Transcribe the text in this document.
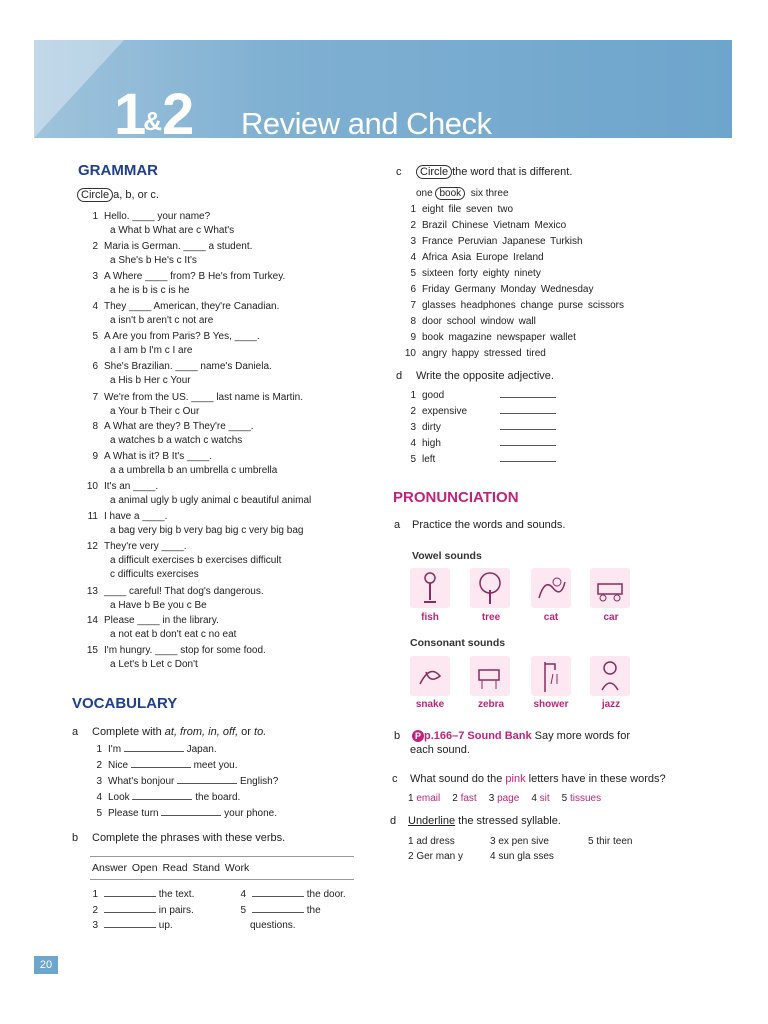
1&2 Review and Check
GRAMMAR
Circle a, b, or c.
1 Hello. ____ your name?
a What b What are c What's
2 Maria is German. ____ a student.
a She's b He's c It's
3 A Where ____ from? B He's from Turkey.
a he is b is c is he
4 They ____ American, they're Canadian.
a isn't b aren't c not are
5 A Are you from Paris? B Yes, ____.
a I am b I'm c I are
6 She's Brazilian. ____ name's Daniela.
a His b Her c Your
7 We're from the US. ____ last name is Martin.
a Your b Their c Our
8 A What are they? B They're ____.
a watches b a watch c watchs
9 A What is it? B It's ____.
a a umbrella b an umbrella c umbrella
10 It's an ____.
a animal ugly b ugly animal c beautiful animal
11 I have a ____.
a bag very big b very bag big c very big bag
12 They're very ____.
a difficult exercises b exercises difficult
c difficults exercises
13 ____ careful! That dog's dangerous.
a Have b Be you c Be
14 Please ____ in the library.
a not eat b don't eat c no eat
15 I'm hungry. ____ stop for some food.
a Let's b Let c Don't
VOCABULARY
a Complete with at, from, in, off, or to.
1 I'm	Japan.
2 Nice	meet you.
3 What's bonjour	English?
4 Look	the board.
5 Please turn	your phone.
b Complete the phrases with these verbs.
Answer Open Read Stand Work
1	the text.
2	in pairs.
3	up.
4	the door.
5	the
questions.
c Circle the word that is different.
one book six three
1 eight file seven two
2 Brazil Chinese Vietnam Mexico
3 France Peruvian Japanese Turkish
4 Africa Asia Europe Ireland
5 sixteen forty eighty ninety
6 Friday Germany Monday Wednesday
7 glasses headphones change purse scissors
8 door school window wall
9 book magazine newspaper wallet
10 angry happy stressed tired
d Write the opposite adjective.
1 good
2 expensive
3 dirty
4 high
5 left
PRONUNCIATION
a Practice the words and sounds.
Vowel sounds
fish	tree	cat	car
Consonant sounds
snake	zebra	shower	jazz
b P p.166–7 Sound Bank Say more words for
each sound.
c What sound do the pink letters have in these words?
1 email 2 fast 3 page 4 sit 5 tissues
d Underline the stressed syllable.
1 ad dress
2 Ger man y
3 ex pen sive
4 sun gla sses
5 thir teen
20
